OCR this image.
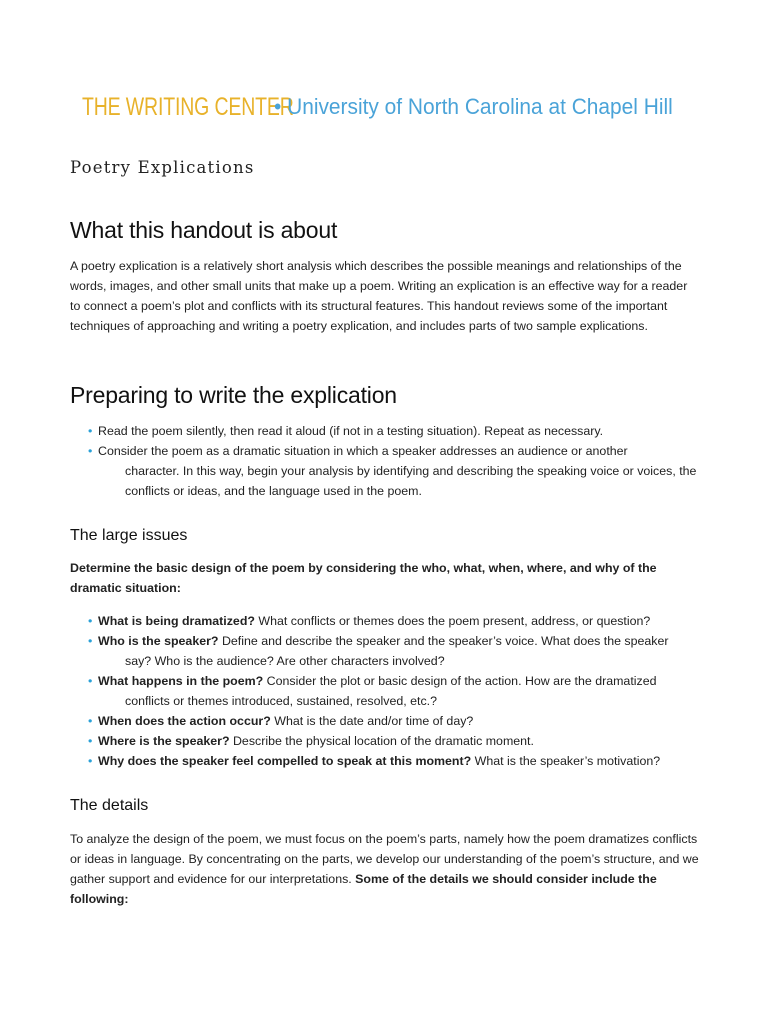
THE WRITING CENTER
• University of North Carolina at Chapel Hill
Poetry Explications
What this handout is about

A poetry explication is a relatively short analysis which describes the possible meanings and relationships of the words, images, and other small units that make up a poem. Writing an explication is an effective way for a reader to connect a poem’s plot and conflicts with its structural features. This handout reviews some of the important techniques of approaching and writing a poetry explication, and includes parts of two sample explications.

Preparing to write the explication
• Read the poem silently, then read it aloud (if not in a testing situation). Repeat as necessary.
• Consider the poem as a dramatic situation in which a speaker addresses an audience or another
character. In this way, begin your analysis by identifying and describing the speaking voice or voices, the conflicts or ideas, and the language used in the poem.
The large issues
Determine the basic design of the poem by considering the who, what, when, where, and why of the dramatic situation:
• What is being dramatized? What conflicts or themes does the poem present, address, or question?
• Who is the speaker? Define and describe the speaker and the speaker’s voice. What does the speaker
say? Who is the audience? Are other characters involved?
• What happens in the poem? Consider the plot or basic design of the action. How are the dramatized
conflicts or themes introduced, sustained, resolved, etc.?
• When does the action occur? What is the date and/or time of day?
• Where is the speaker? Describe the physical location of the dramatic moment.
• Why does the speaker feel compelled to speak at this moment? What is the speaker’s motivation?
The details

To analyze the design of the poem, we must focus on the poem’s parts, namely how the poem dramatizes conflicts or ideas in language. By concentrating on the parts, we develop our understanding of the poem’s structure, and we gather support and evidence for our interpretations. Some of the details we should consider include the following:
